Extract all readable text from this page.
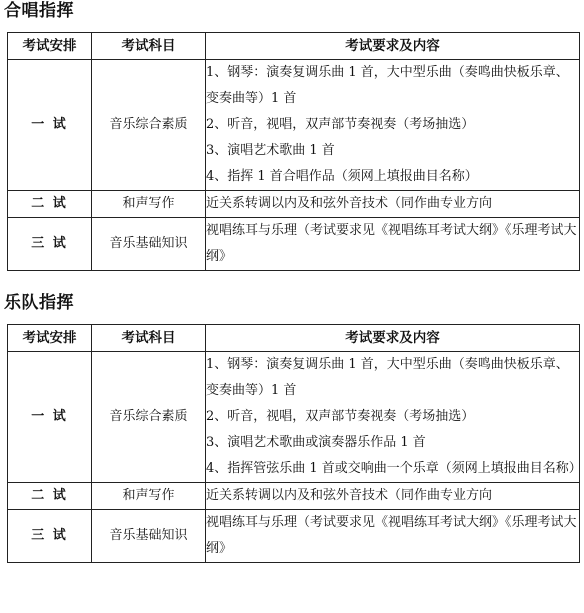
合唱指挥
考试安排	考试科目	考试要求及内容
一 试	音乐综合素质	1、钢琴：演奏复调乐曲 1 首，大中型乐曲（奏鸣曲快板乐章、变奏曲等）1 首
2、听音，视唱，双声部节奏视奏（考场抽选）
3、演唱艺术歌曲 1 首
4、指挥 1 首合唱作品（须网上填报曲目名称）

二 试	和声写作	近关系转调以内及和弦外音技术（同作曲专业方向

三 试	音乐基础知识	视唱练耳与乐理（考试要求见《视唱练耳考试大纲》《乐理考试大纲》
乐队指挥
考试安排	考试科目	考试要求及内容
一 试	音乐综合素质	1、钢琴：演奏复调乐曲 1 首，大中型乐曲（奏鸣曲快板乐章、变奏曲等）1 首
2、听音，视唱，双声部节奏视奏（考场抽选）
3、演唱艺术歌曲或演奏器乐作品 1 首
4、指挥管弦乐曲 1 首或交响曲一个乐章（须网上填报曲目名称）

二 试	和声写作	近关系转调以内及和弦外音技术（同作曲专业方向

三 试	音乐基础知识	视唱练耳与乐理（考试要求见《视唱练耳考试大纲》《乐理考试大纲》
